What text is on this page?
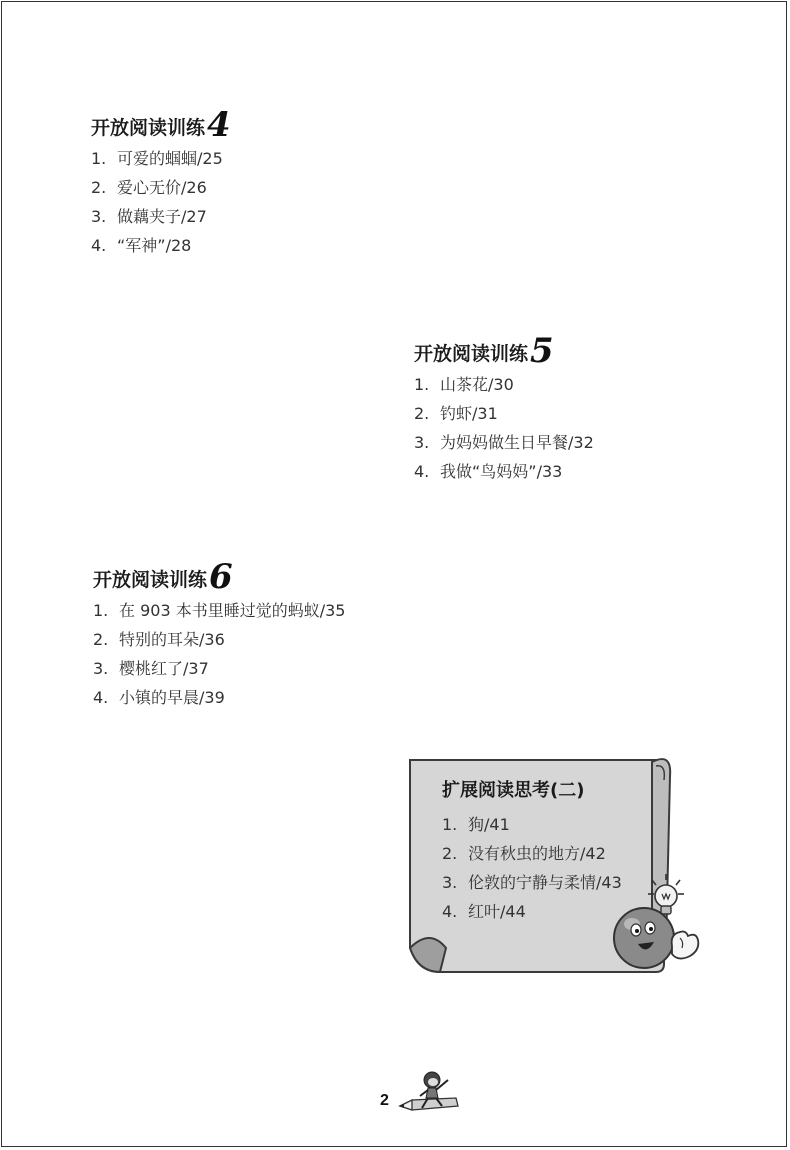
开放阅读训练 4
1. 可爱的蝈蝈/25
2. 爱心无价/26
3. 做藕夹子/27
4. “军神”/28
开放阅读训练 5
1. 山茶花/30
2. 钓虾/31
3. 为妈妈做生日早餐/32
4. 我做“鸟妈妈”/33
开放阅读训练 6
1. 在 903 本书里睡过觉的蚂蚁/35
2. 特别的耳朵/36
3. 樱桃红了/37
4. 小镇的早晨/39
扩展阅读思考(二)
1. 狗/41
2. 没有秋虫的地方/42
3. 伦敦的宁静与柔情/43
4. 红叶/44
2
